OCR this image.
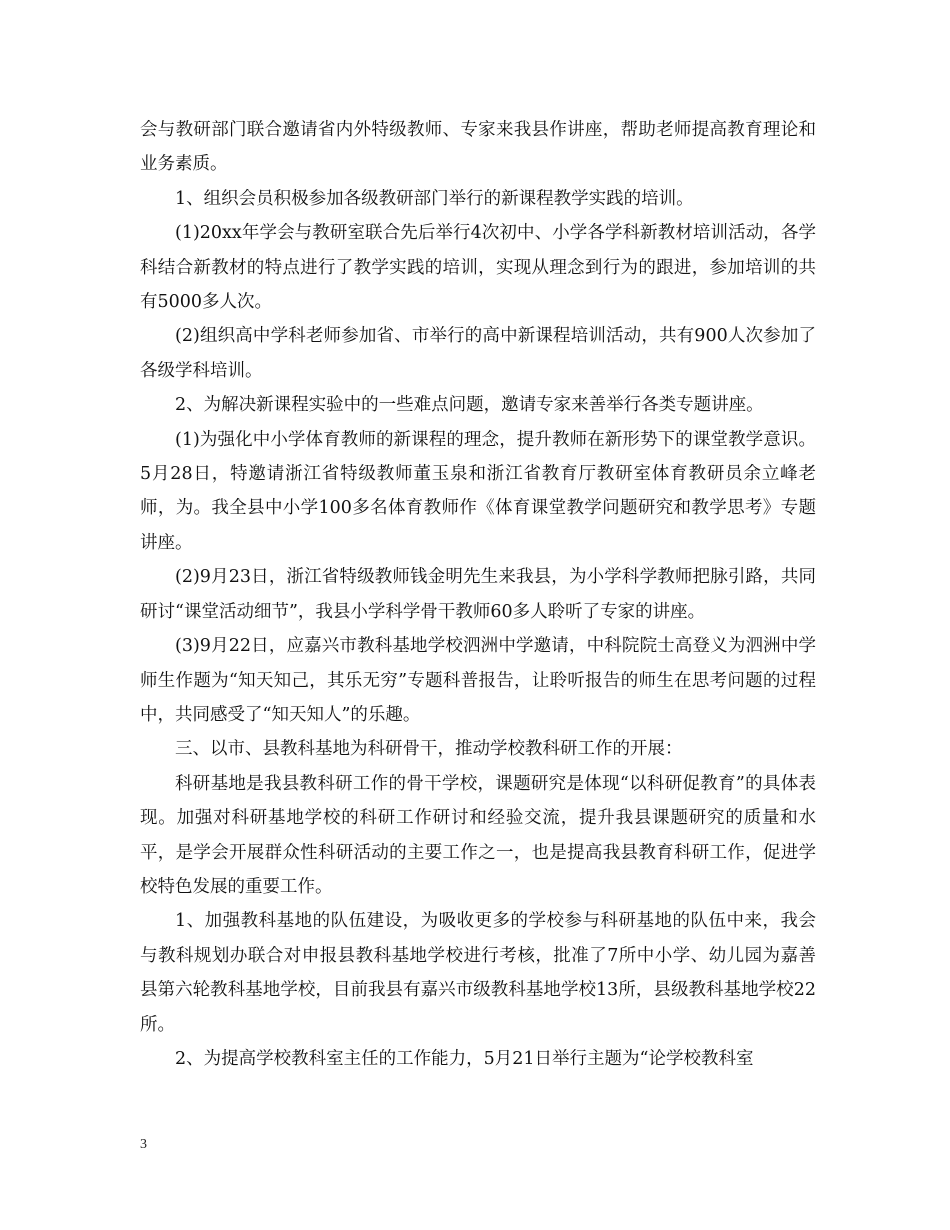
会与教研部门联合邀请省内外特级教师、专家来我县作讲座，帮助老师提高教育理论和业务素质。

1、组织会员积极参加各级教研部门举行的新课程教学实践的培训。

(1)20xx年学会与教研室联合先后举行4次初中、小学各学科新教材培训活动，各学科结合新教材的特点进行了教学实践的培训，实现从理念到行为的跟进，参加培训的共有5000多人次。

(2)组织高中学科老师参加省、市举行的高中新课程培训活动，共有900人次参加了各级学科培训。

2、为解决新课程实验中的一些难点问题，邀请专家来善举行各类专题讲座。

(1)为强化中小学体育教师的新课程的理念，提升教师在新形势下的课堂教学意识。5月28日，特邀请浙江省特级教师董玉泉和浙江省教育厅教研室体育教研员余立峰老师，为。我全县中小学100多名体育教师作《体育课堂教学问题研究和教学思考》专题讲座。

(2)9月23日，浙江省特级教师钱金明先生来我县，为小学科学教师把脉引路，共同研讨“课堂活动细节”，我县小学科学骨干教师60多人聆听了专家的讲座。

(3)9月22日，应嘉兴市教科基地学校泗洲中学邀请，中科院院士高登义为泗洲中学师生作题为“知天知己，其乐无穷”专题科普报告，让聆听报告的师生在思考问题的过程中，共同感受了“知天知人”的乐趣。

三、以市、县教科基地为科研骨干，推动学校教科研工作的开展：

科研基地是我县教科研工作的骨干学校，课题研究是体现“以科研促教育”的具体表现。加强对科研基地学校的科研工作研讨和经验交流，提升我县课题研究的质量和水平，是学会开展群众性科研活动的主要工作之一，也是提高我县教育科研工作，促进学校特色发展的重要工作。

1、加强教科基地的队伍建设，为吸收更多的学校参与科研基地的队伍中来，我会与教科规划办联合对申报县教科基地学校进行考核，批准了7所中小学、幼儿园为嘉善县第六轮教科基地学校，目前我县有嘉兴市级教科基地学校13所，县级教科基地学校22所。

2、为提高学校教科室主任的工作能力，5月21日举行主题为“论学校教科室

3
